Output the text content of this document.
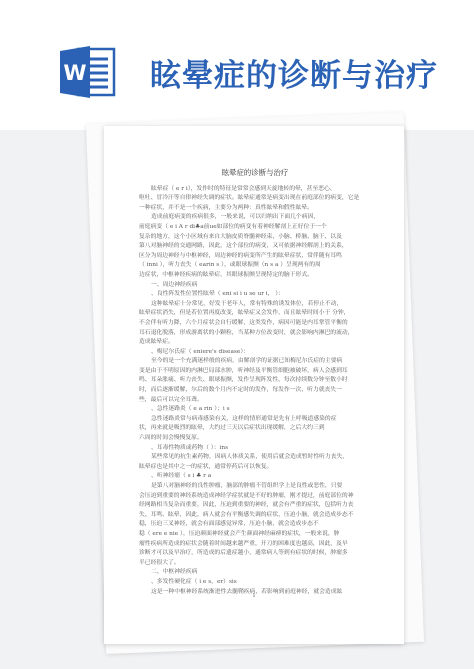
W 眩晕症的诊断与治疗
眩晕症的诊断与治疗
眩晕症（ e r i），发作时的特征是常常会感到天旋地转的晕，甚至恶心、
呕吐、冒冷汗等自律神经失调的症状。眩晕症通常是病变出现在前庭部位的病变，它是
一种症状，并不是一个疾病，主要分为两种：真性眩晕和假性眩晕。
造成前庭病变的疾病很多，一般来说，可以归纳出下面几个病因，
前庭病变（ e i A r di♣a前ue如部位的病变有着神经解剖上正好位于一个
复杂的地方，这个小区域有来自大脑皮质脊髓神经束、小脑、桥脑、脑干、以及
第八对脑神经的交通网路，因此，这个部位的病变，又可依据神经解剖上的关系，
区分为周边神经与中枢神经，周边神经的病变所产生的眩晕症状，常伴随有耳鸣
（ inni ），听力丧失（ earin s ），或眼球振颤（n s a ）呈现两有的周
边症状，中枢神经疾病的眩晕症，其眼球振颤呈现特定的脑干形式。
一、周边神经疾病
、良性阵发性位置性眩晕（ eni si i u se ur i， ）：
这种眩晕症十分常见，好发于老年人，常有特殊的诱发体位，若停止不动，
眩晕症状消失，但是若位置再度改变，眩晕症又会发作，而且眩晕时间小于 分钟，
不会伴有听力降，六个月症状会自行缓解，这类发作，病因可能是内耳掌管平衡的
耳石退化脱落，形成游离状的小颗粒，当某种方位改变时，就会影响内淋巴的流动，
造成眩晕症。
、梅尼尔氏症（ eniere's disease）：
至今的是一个充满迷样般的疾病，由解剖学的证据已知梅尼尔氏症的主要病
变是由于不明原因的内淋巴局部水肿，听神经及平衡管细胞被破坏，病人会感到耳
鸣、耳朵胀痛、听力丧失、眼球振颤，发作呈现阵发性，每次持续数分钟至数小时
时，而后逐渐缓解，尔后的数个月内不定时的发作，每发作一次，听力就丧失一
些，最后可以完全耳聋。
、急性迷路炎（ e a rin ）；i s
急性迷路炎常与病毒感染有关，这样的情形通常是先有上呼吸道感染的症
状，再来就是吸烈的眩晕，大约过三天以后症状出现缓解，之后大约三到
六周的时间会慢慢复原。
、耳毒性物质或药物（ ）：ins
某些常见的抗生素药物，因病人体质关系，使用后就会造成暂时性听力丧失，
眩晕症也是其中之一的症状，通常停药后可以恢复。
、听神经瘤（ s i ♣ r a
是第八对脑神经的良性肿瘤，脑部的肿瘤不管组织学上是良性或恶性，只要
会压迫到重要的神经系统造成神经学症状就是不好的肿瘤，刚才提过，前庭部位的神
经网路相当复杂而重要，因此，压迫到重要的神经，就会有严重的症状，包括听力丧
失、耳鸣、眩晕，因此，病人就会有平衡感失调的症状，压迫小脑，就会造成步态不
稳，压迫三叉神经，就会有面部感觉异常，压迫小脑，就会造成步态不
稳（ ere e nie ），压迫颜面神经就会产生颜面神经麻痹的症状，一般来说，肿
瘤性疾病所造成的症状会随着时间越来越严重，开刀的困难度也越高，因此，及早
诊断才可以及早治疗，所造成的后遗症越小，通常病人等到有症状的时候，肿瘤多
半已经很大了。
二、中枢神经疾病
、多发性硬化症（ i e s，er）sis
这是一种中枢神经系统渐进性去髓鞘疾病，若影响到前庭神经，就会造成眩
1
